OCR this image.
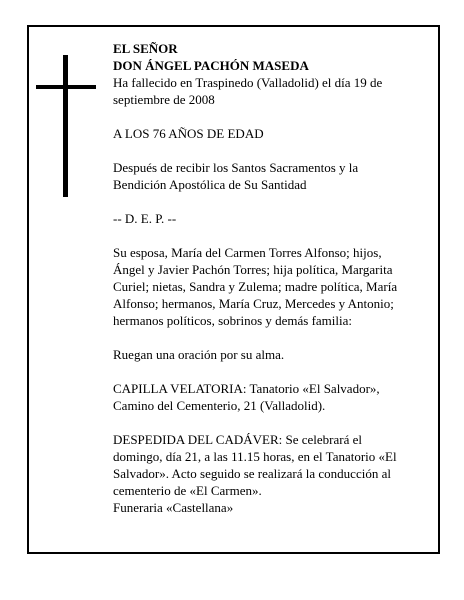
EL SEÑOR

DON ÁNGEL PACHÓN MASEDA

Ha fallecido en Traspinedo (Valladolid) el día 19 de septiembre de 2008

A LOS 76 AÑOS DE EDAD

Después de recibir los Santos Sacramentos y la Bendición Apostólica de Su Santidad

-- D. E. P. --

Su esposa, María del Carmen Torres Alfonso; hijos, Ángel y Javier Pachón Torres; hija política, Margarita Curiel; nietas, Sandra y Zulema; madre política, María Alfonso; hermanos, María Cruz, Mercedes y Antonio; hermanos políticos, sobrinos y demás familia:

Ruegan una oración por su alma.

CAPILLA VELATORIA: Tanatorio «El Salvador», Camino del Cementerio, 21 (Valladolid).

DESPEDIDA DEL CADÁVER: Se celebrará el domingo, día 21, a las 11.15 horas, en el Tanatorio «El Salvador». Acto seguido se realizará la conducción al cementerio de «El Carmen».

Funeraria «Castellana»
